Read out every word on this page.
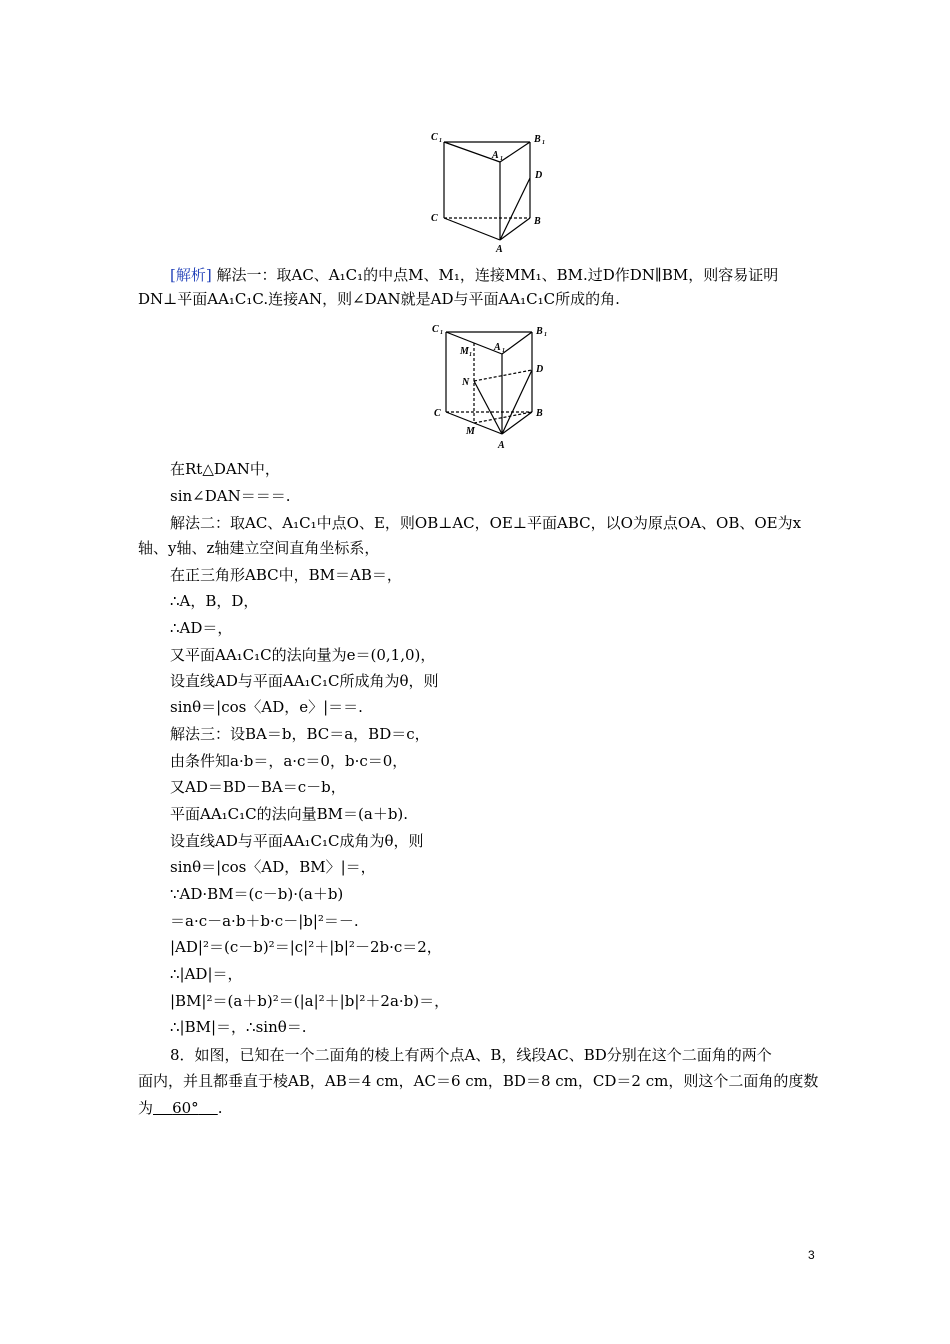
C 1	B 1
A 1
D
C	B
A
[解析] 解法一：取AC、A₁C₁的中点M、M₁，连接MM₁、BM.过D作DN∥BM，则容易证明
DN⊥平面AA₁C₁C.连接AN，则∠DAN就是AD与平面AA₁C₁C所成的角.
C 1	B 1
M 1
A 1
N
D
C	B
M
A
在Rt△DAN中，
sin∠DAN＝＝＝.
解法二：取AC、A₁C₁中点O、E，则OB⊥AC，OE⊥平面ABC，以O为原点OA、OB、OE为x
轴、y轴、z轴建立空间直角坐标系，
在正三角形ABC中，BM＝AB＝，
∴A，B，D，
∴AD＝，
又平面AA₁C₁C的法向量为e＝(0,1,0)，
设直线AD与平面AA₁C₁C所成角为θ，则
sinθ＝|cos〈AD，e〉|＝＝.
解法三：设BA＝b，BC＝a，BD＝c，
由条件知a·b＝，a·c＝0，b·c＝0，
又AD＝BD－BA＝c－b，
平面AA₁C₁C的法向量BM＝(a＋b).
设直线AD与平面AA₁C₁C成角为θ，则
sinθ＝|cos〈AD，BM〉|＝，
∵AD·BM＝(c－b)·(a＋b)
＝a·c－a·b＋b·c－|b|²＝－.
|AD|²＝(c－b)²＝|c|²＋|b|²－2b·c＝2，
∴|AD|＝，
|BM|²＝(a＋b)²＝(|a|²＋|b|²＋2a·b)＝，
∴|BM|＝，∴sinθ＝.
8．如图，已知在一个二面角的棱上有两个点A、B，线段AC、BD分别在这个二面角的两个
面内，并且都垂直于棱AB，AB＝4 cm，AC＝6 cm，BD＝8 cm，CD＝2 cm，则这个二面角的度数
为 60° .
3
